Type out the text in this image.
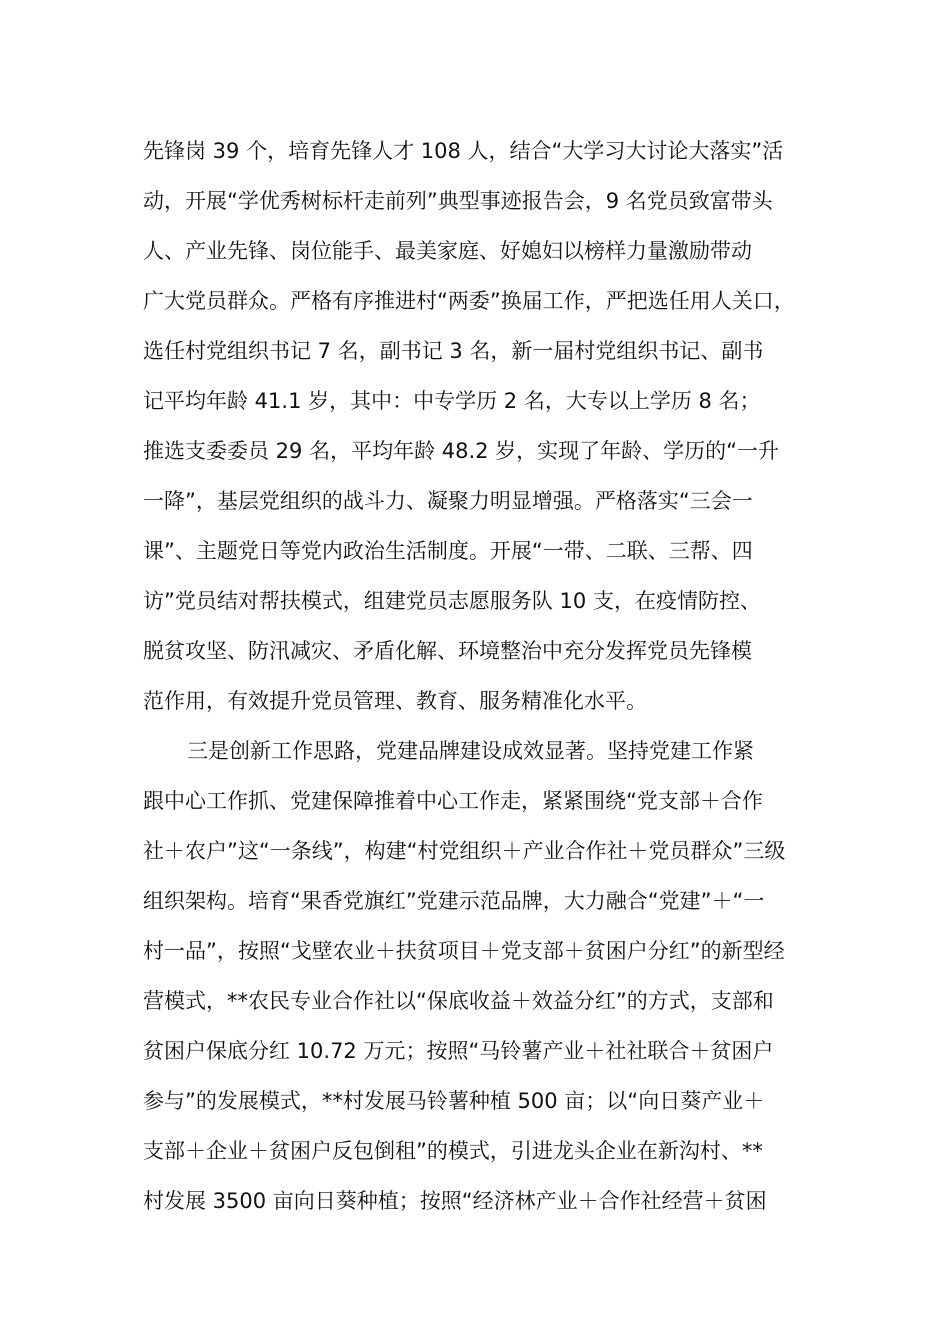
先锋岗 39 个，培育先锋人才 108 人，结合“大学习大讨论大落实”活
动，开展“学优秀树标杆走前列”典型事迹报告会，9 名党员致富带头
人、产业先锋、岗位能手、最美家庭、好媳妇以榜样力量激励带动
广大党员群众。严格有序推进村“两委”换届工作，严把选任用人关口，
选任村党组织书记 7 名，副书记 3 名，新一届村党组织书记、副书
记平均年龄 41.1 岁，其中：中专学历 2 名，大专以上学历 8 名；
推选支委委员 29 名，平均年龄 48.2 岁，实现了年龄、学历的“一升
一降”，基层党组织的战斗力、凝聚力明显增强。严格落实“三会一
课”、主题党日等党内政治生活制度。开展“一带、二联、三帮、四
访”党员结对帮扶模式，组建党员志愿服务队 10 支，在疫情防控、
脱贫攻坚、防汛减灾、矛盾化解、环境整治中充分发挥党员先锋模
范作用，有效提升党员管理、教育、服务精准化水平。
三是创新工作思路，党建品牌建设成效显著。坚持党建工作紧
跟中心工作抓、党建保障推着中心工作走，紧紧围绕“党支部＋合作
社＋农户”这“一条线”，构建“村党组织＋产业合作社＋党员群众”三级
组织架构。培育“果香党旗红”党建示范品牌，大力融合“党建”＋“一
村一品”，按照“戈壁农业＋扶贫项目＋党支部＋贫困户分红”的新型经
营模式，**农民专业合作社以“保底收益＋效益分红”的方式，支部和
贫困户保底分红 10.72 万元；按照“马铃薯产业＋社社联合＋贫困户
参与”的发展模式，**村发展马铃薯种植 500 亩；以“向日葵产业＋
支部＋企业＋贫困户反包倒租”的模式，引进龙头企业在新沟村、**
村发展 3500 亩向日葵种植；按照“经济林产业＋合作社经营＋贫困
